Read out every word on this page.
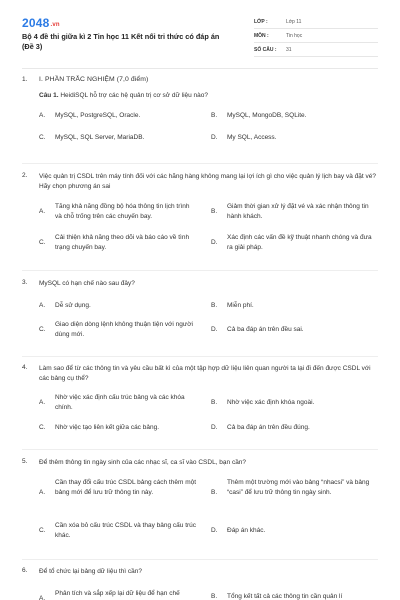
2048.vn
Bộ 4 đề thi giữa kì 2 Tin học 11 Kết nối tri thức có đáp án (Đề 3)
LỚP :	Lớp 11
MÔN :	Tin học
SỐ CÂU : 31
1. I. PHẦN TRẮC NGHIỆM (7,0 điểm)
Câu 1. HeidiSQL hỗ trợ các hệ quản trị cơ sở dữ liệu nào?
A. MySQL, PostgreSQL, Oracle.	B. MySQL, MongoDB, SQLite.
C. MySQL, SQL Server, MariaDB.	D. My SQL, Access.
2. Việc quản trị CSDL trên máy tính đối với các hãng hàng không mang lại lợi ích gì cho việc quản lý lịch bay và đặt vé? Hãy chọn phương án sai
A.
Tăng khả năng đồng bộ hóa thông tin lịch trình và chỗ trống trên các chuyến bay.
B.
Giảm thời gian xử lý đặt vé và xác nhận thông tin hành khách.
C.
Cải thiện khả năng theo dõi và báo cáo về tình trạng chuyến bay.
D.
Xác định các vấn đề kỹ thuật nhanh chóng và đưa ra giải pháp.
3. MySQL có hạn chế nào sau đây?
A. Dễ sử dụng.	B. Miễn phí.
C.
Giao diện dòng lệnh không thuận tiện với người dùng mới.
D. Cả ba đáp án trên đều sai.
4. Làm sao để từ các thông tin và yêu cầu bất kì của một tập hợp dữ liệu liên quan người ta lại đi đến được CSDL với các bảng cụ thể?
A.
Nhờ việc xác định cấu trúc bảng và các khóa chính.
B. Nhờ việc xác định khóa ngoài.
C. Nhờ việc tạo liên kết giữa các bảng.	D. Cả ba đáp án trên đều đúng.
5. Để thêm thông tin ngày sinh của các nhạc sĩ, ca sĩ vào CSDL, bạn cần?
A.
Cần thay đổi cấu trúc CSDL bảng cách thêm một bảng mới để lưu trữ thông tin này.	B.
Thêm một trường mới vào bảng “nhacsi” và bảng “casi” để lưu trữ thông tin ngày sinh.
C.
Cần xóa bỏ cấu trúc CSDL và thay bảng cấu trúc khác.
D. Đáp án khác.
6. Để tổ chức lại bảng dữ liệu thì cần?
A.
Phân tích và sắp xếp lại dữ liệu để hạn chế	B. Tổng kết tất cả các thông tin cần quản lí
